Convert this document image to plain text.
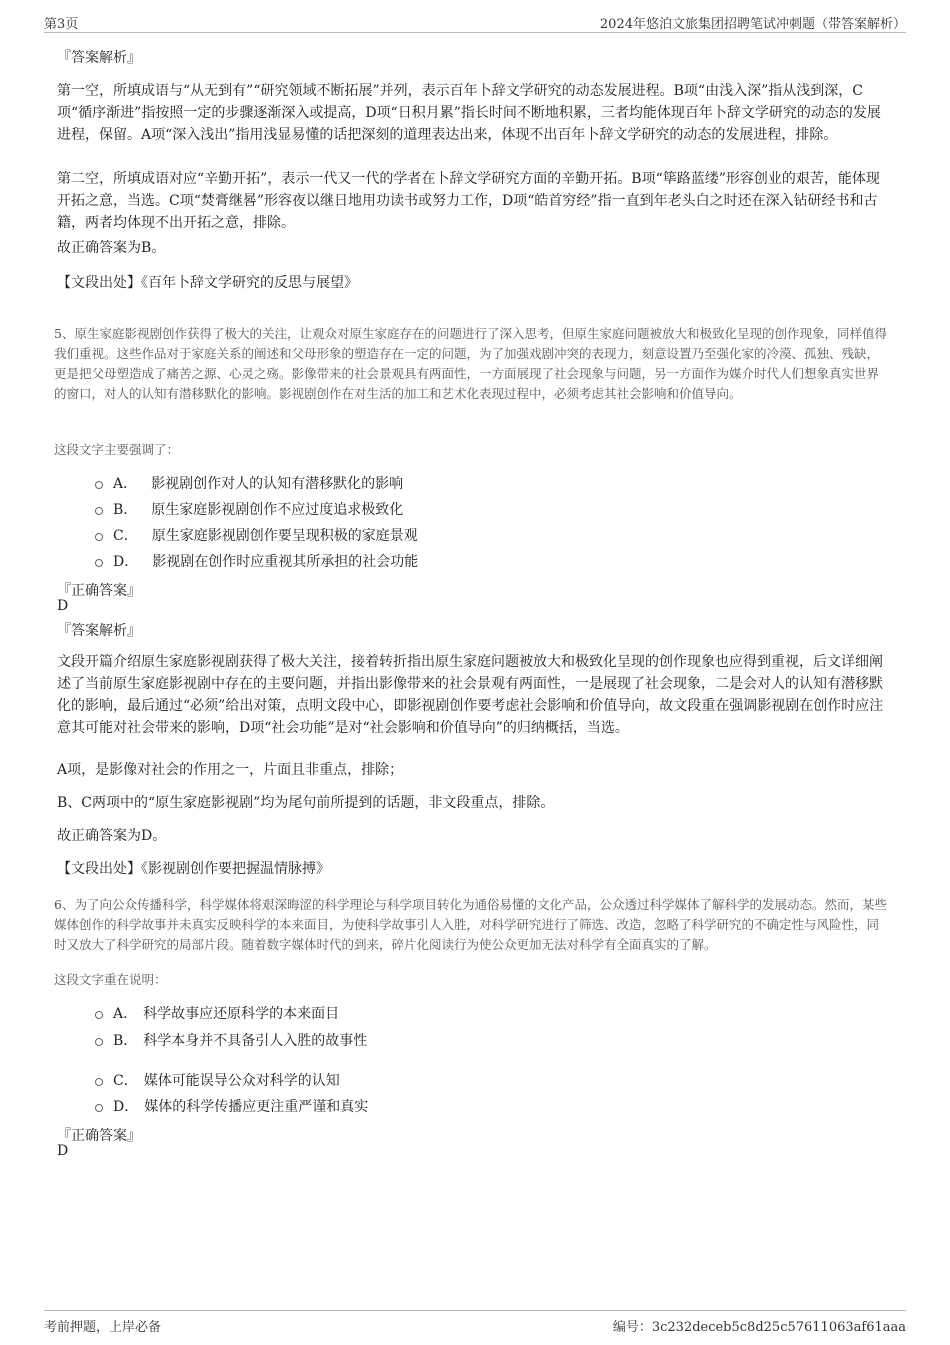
第3页	2024年悠泊文旅集团招聘笔试冲刺题（带答案解析）
『答案解析』
第一空，所填成语与“从无到有”“研究领域不断拓展”并列，表示百年卜辞文学研究的动态发展进程。B项“由浅入深”指从浅到深，C项“循序渐进”指按照一定的步骤逐渐深入或提高，D项“日积月累”指长时间不断地积累，三者均能体现百年卜辞文学研究的动态的发展进程，保留。A项“深入浅出”指用浅显易懂的话把深刻的道理表达出来，体现不出百年卜辞文学研究的动态的发展进程，排除。
第二空，所填成语对应“辛勤开拓”，表示一代又一代的学者在卜辞文学研究方面的辛勤开拓。B项“筚路蓝缕”形容创业的艰苦，能体现开拓之意，当选。C项“焚膏继晷”形容夜以继日地用功读书或努力工作，D项“皓首穷经”指一直到年老头白之时还在深入钻研经书和古籍，两者均体现不出开拓之意，排除。
故正确答案为B。
【文段出处】《百年卜辞文学研究的反思与展望》
5、原生家庭影视剧创作获得了极大的关注，让观众对原生家庭存在的问题进行了深入思考，但原生家庭问题被放大和极致化呈现的创作现象，同样值得我们重视。这些作品对于家庭关系的阐述和父母形象的塑造存在一定的问题，为了加强戏剧冲突的表现力，刻意设置乃至强化家的冷漠、孤独、残缺，更是把父母塑造成了痛苦之源、心灵之殇。影像带来的社会景观具有两面性，一方面展现了社会现象与问题，另一方面作为媒介时代人们想象真实世界的窗口，对人的认知有潜移默化的影响。影视剧创作在对生活的加工和艺术化表现过程中，必须考虑其社会影响和价值导向。
这段文字主要强调了：
A． 影视剧创作对人的认知有潜移默化的影响
B． 原生家庭影视剧创作不应过度追求极致化
C． 原生家庭影视剧创作要呈现积极的家庭景观
D． 影视剧在创作时应重视其所承担的社会功能
『正确答案』
D
『答案解析』
文段开篇介绍原生家庭影视剧获得了极大关注，接着转折指出原生家庭问题被放大和极致化呈现的创作现象也应得到重视，后文详细阐述了当前原生家庭影视剧中存在的主要问题，并指出影像带来的社会景观有两面性，一是展现了社会现象，二是会对人的认知有潜移默化的影响，最后通过“必须”给出对策，点明文段中心，即影视剧创作要考虑社会影响和价值导向，故文段重在强调影视剧在创作时应注意其可能对社会带来的影响，D项“社会功能”是对“社会影响和价值导向”的归纳概括，当选。
A项，是影像对社会的作用之一，片面且非重点，排除；
B、C两项中的“原生家庭影视剧”均为尾句前所提到的话题，非文段重点，排除。
故正确答案为D。
【文段出处】《影视剧创作要把握温情脉搏》
6、为了向公众传播科学，科学媒体将艰深晦涩的科学理论与科学项目转化为通俗易懂的文化产品，公众透过科学媒体了解科学的发展动态。然而，某些媒体创作的科学故事并未真实反映科学的本来面目，为使科学故事引人入胜，对科学研究进行了筛选、改造，忽略了科学研究的不确定性与风险性，同时又放大了科学研究的局部片段。随着数字媒体时代的到来，碎片化阅读行为使公众更加无法对科学有全面真实的了解。
这段文字重在说明：
A． 科学故事应还原科学的本来面目
B． 科学本身并不具备引人入胜的故事性
C． 媒体可能误导公众对科学的认知
D． 媒体的科学传播应更注重严谨和真实
『正确答案』
D
考前押题，上岸必备	编号：3c232deceb5c8d25c57611063af61aaa
